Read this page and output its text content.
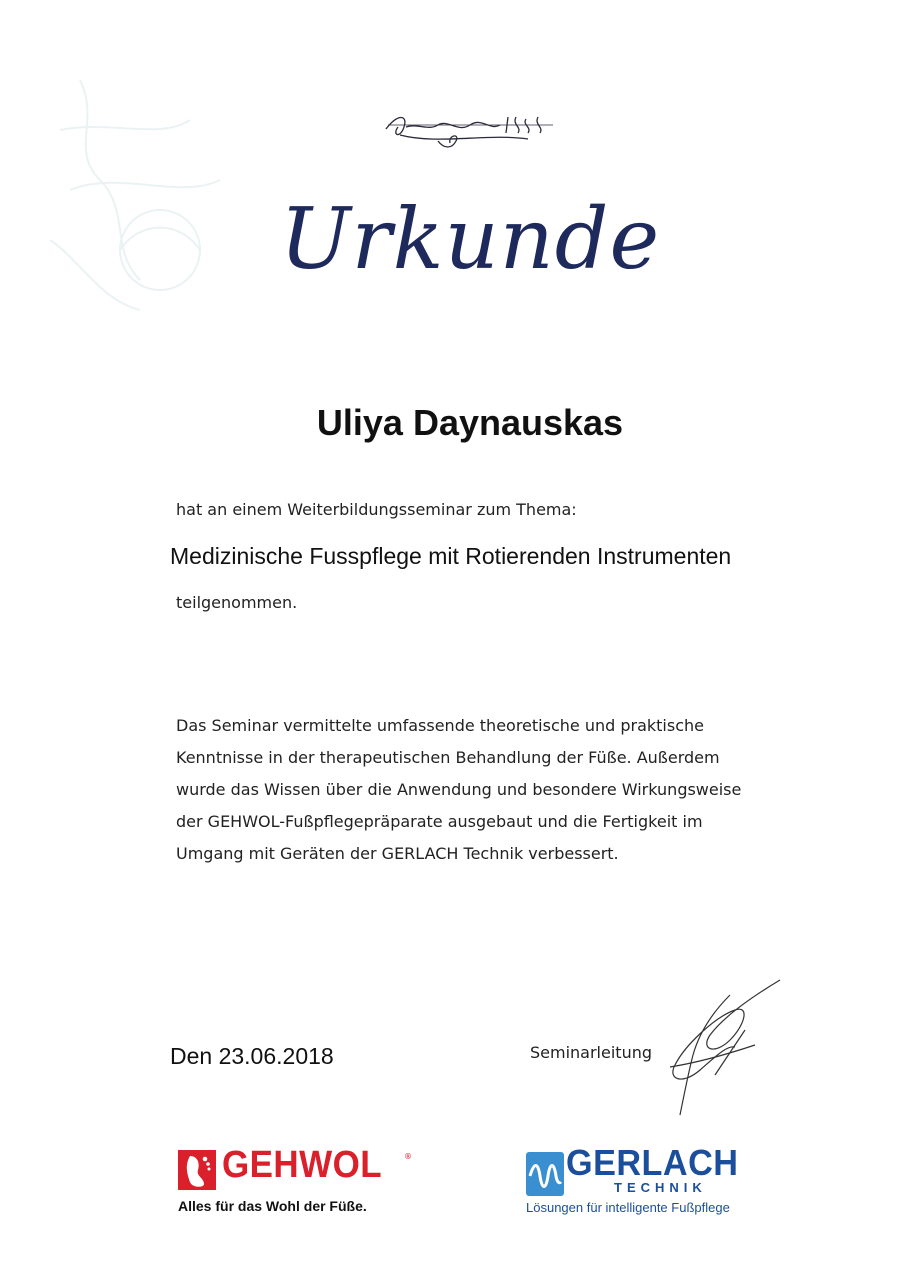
Urkunde
Uliya Daynauskas
hat an einem Weiterbildungsseminar zum Thema:
Medizinische Fusspflege mit Rotierenden Instrumenten
teilgenommen.
Das Seminar vermittelte umfassende theoretische und praktische
Kenntnisse in der therapeutischen Behandlung der Füße. Außerdem
wurde das Wissen über die Anwendung und besondere Wirkungsweise
der GEHWOL-Fußpflegepräparate ausgebaut und die Fertigkeit im
Umgang mit Geräten der GERLACH Technik verbessert.
Den 23.06.2018	Seminarleitung
GEHWOL	®
Alles für das Wohl der Füße.
GERLACH
TECHNIK
Lösungen für intelligente Fußpflege
